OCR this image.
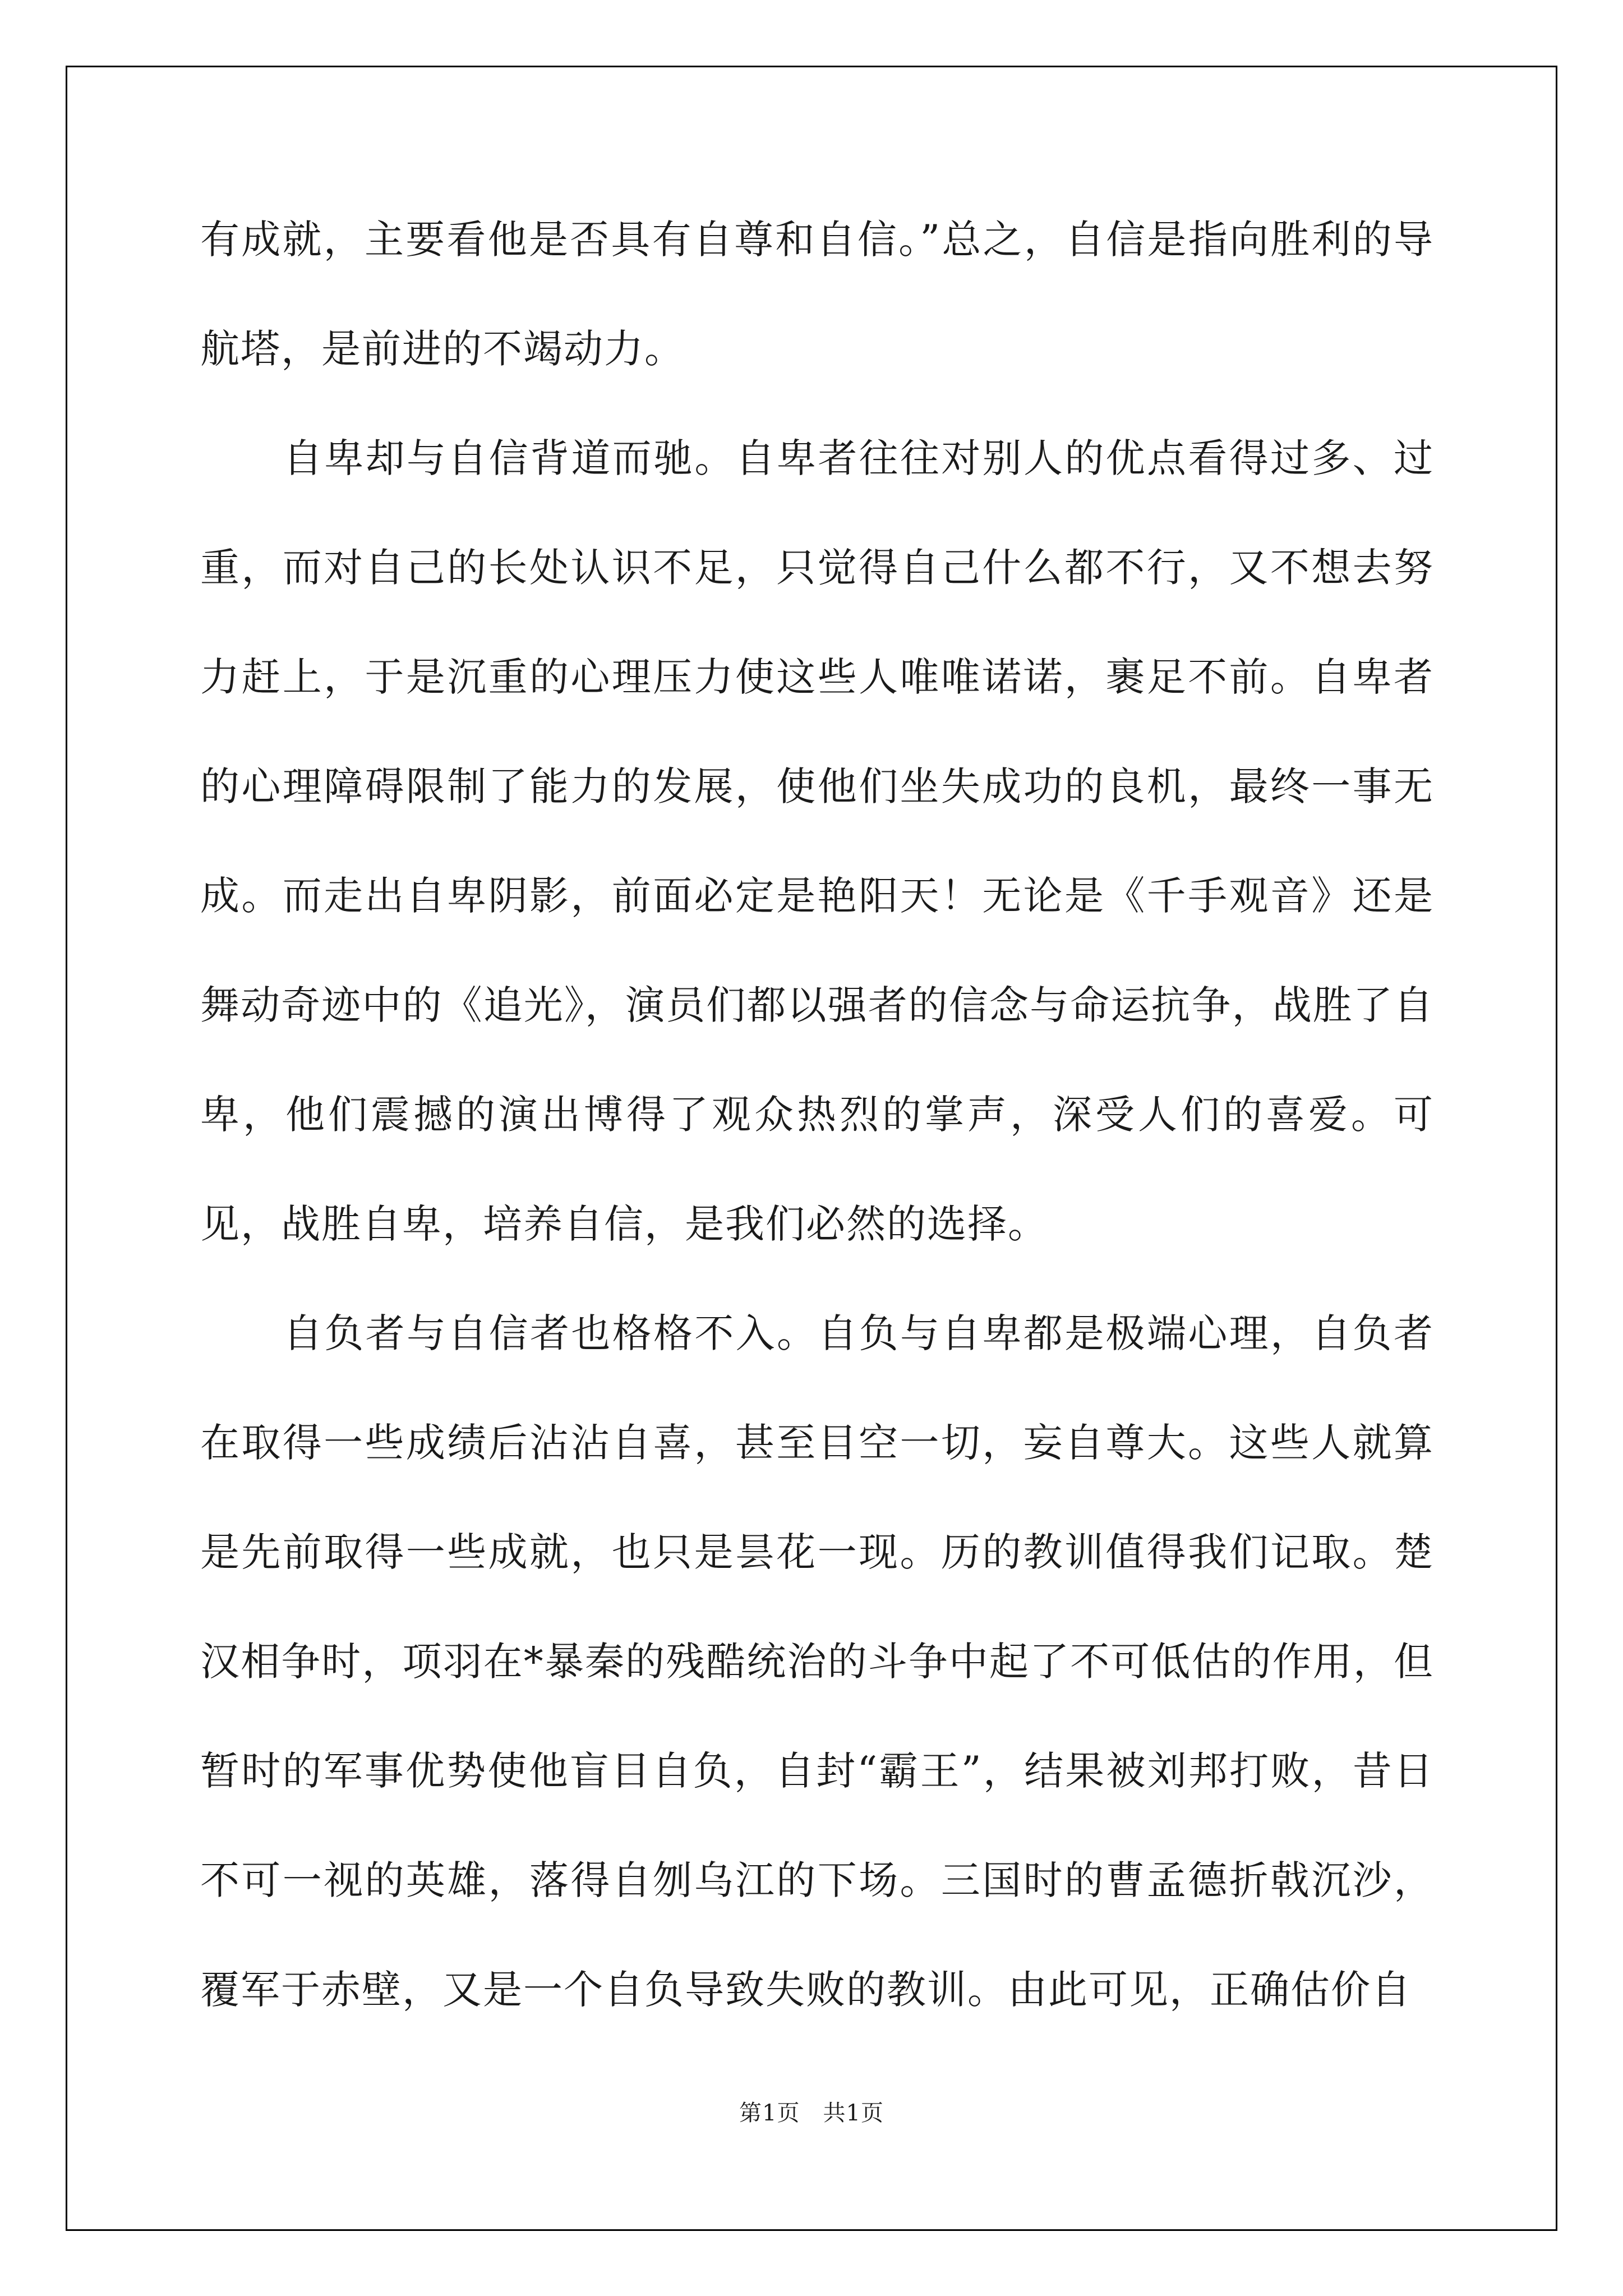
有成就，主要看他是否具有自尊和自信。”总之，自信是指向胜利的导航塔，是前进的不竭动力。

自卑却与自信背道而驰。自卑者往往对别人的优点看得过多、过重，而对自己的长处认识不足，只觉得自己什么都不行，又不想去努力赶上，于是沉重的心理压力使这些人唯唯诺诺，裹足不前。自卑者的心理障碍限制了能力的发展，使他们坐失成功的良机，最终一事无成。而走出自卑阴影，前面必定是艳阳天！无论是《千手观音》还是舞动奇迹中的《追光》，演员们都以强者的信念与命运抗争，战胜了自卑，他们震撼的演出博得了观众热烈的掌声，深受人们的喜爱。可见，战胜自卑，培养自信，是我们必然的选择。

自负者与自信者也格格不入。自负与自卑都是极端心理，自负者在取得一些成绩后沾沾自喜，甚至目空一切，妄自尊大。这些人就算是先前取得一些成就，也只是昙花一现。历的教训值得我们记取。楚汉相争时，项羽在*暴秦的残酷统治的斗争中起了不可低估的作用，但暂时的军事优势使他盲目自负，自封“霸王”，结果被刘邦打败，昔日不可一视的英雄，落得自刎乌江的下场。三国时的曹孟德折戟沉沙，覆军于赤壁，又是一个自负导致失败的教训。由此可见，正确估价自

第1页　共1页
